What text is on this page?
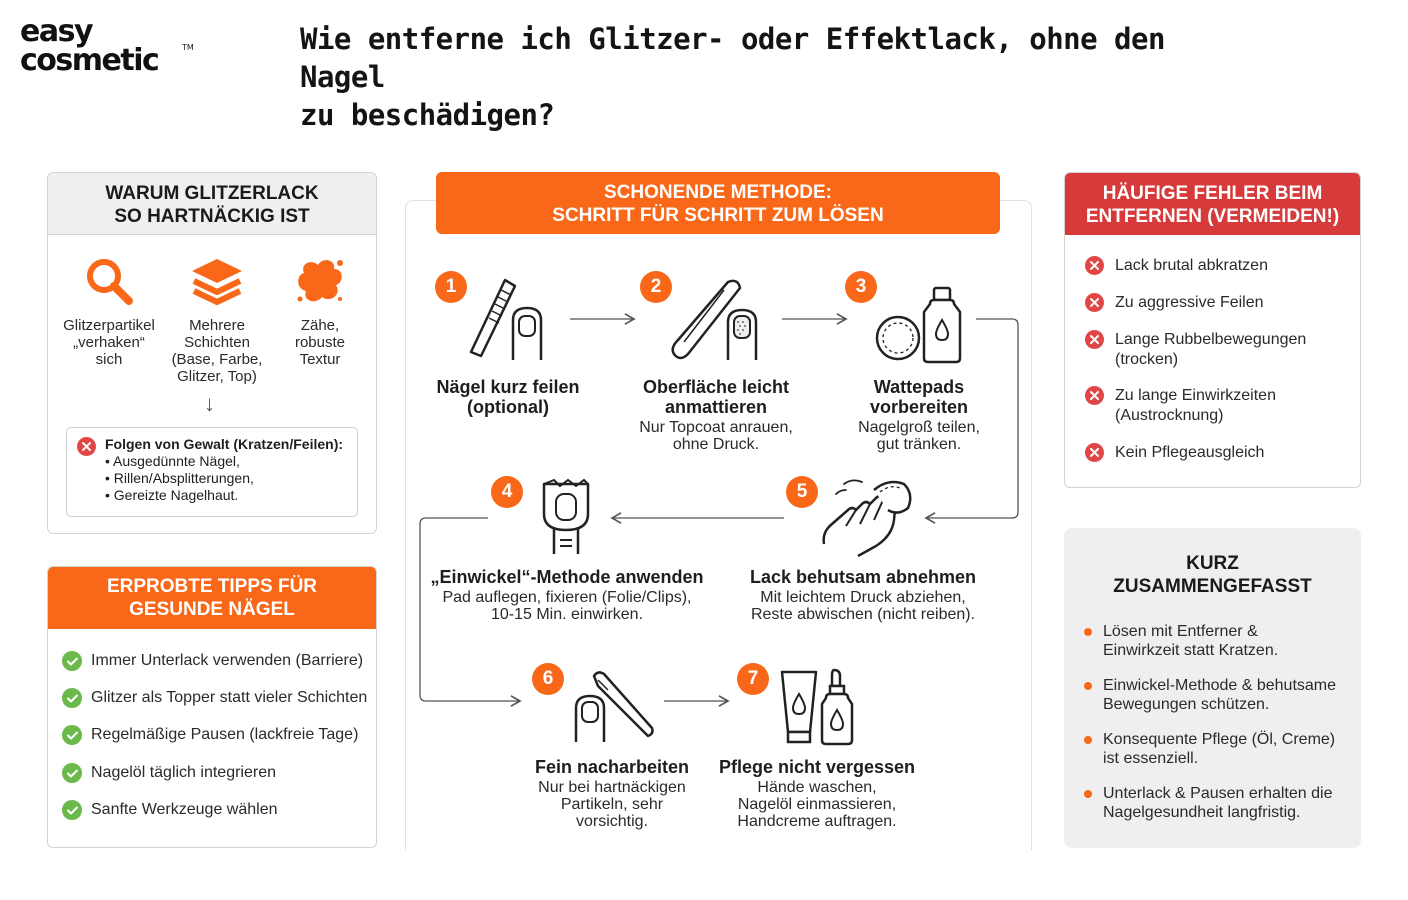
easy
cosmetic	TM	Wie entferne ich Glitzer- oder Effektlack, ohne den Nagel
zu beschädigen?
WARUM GLITZERLACK
SO HARTNÄCKIG IST
Glitzerpartikel
„verhaken“
sich
Mehrere
Schichten
(Base, Farbe,
Glitzer, Top)
Zähe,
robuste
Textur
↓
Folgen von Gewalt (Kratzen/Feilen):
• Ausgedünnte Nägel,
• Rillen/Absplitterungen,
• Gereizte Nagelhaut.
ERPROBTE TIPPS FÜR
GESUNDE NÄGEL
Immer Unterlack verwenden (Barriere)
Glitzer als Topper statt vieler Schichten
Regelmäßige Pausen (lackfreie Tage)
Nagelöl täglich integrieren
Sanfte Werkzeuge wählen
SCHONENDE METHODE:
SCHRITT FÜR SCHRITT ZUM LÖSEN
1
Nägel kurz feilen
(optional)
2
Oberfläche leicht
anmattieren
Nur Topcoat anrauen,
ohne Druck.
3
Wattepads
vorbereiten
Nagelgroß teilen,
gut tränken.
4
„Einwickel“-Methode anwenden
Pad auflegen, fixieren (Folie/Clips),
10-15 Min. einwirken.
5
Lack behutsam abnehmen
Mit leichtem Druck abziehen,
Reste abwischen (nicht reiben).
6
Fein nacharbeiten
Nur bei hartnäckigen
Partikeln, sehr
vorsichtig.
7
Pflege nicht vergessen
Hände waschen,
Nagelöl einmassieren,
Handcreme auftragen.
HÄUFIGE FEHLER BEIM
ENTFERNEN (VERMEIDEN!)
Lack brutal abkratzen
Zu aggressive Feilen
Lange Rubbelbewegungen
(trocken)
Zu lange Einwirkzeiten
(Austrocknung)
Kein Pflegeausgleich
KURZ
ZUSAMMENGEFASST
Lösen mit Entferner &
Einwirkzeit statt Kratzen.
Einwickel-Methode & behutsame
Bewegungen schützen.
Konsequente Pflege (Öl, Creme)
ist essenziell.
Unterlack & Pausen erhalten die
Nagelgesundheit langfristig.
